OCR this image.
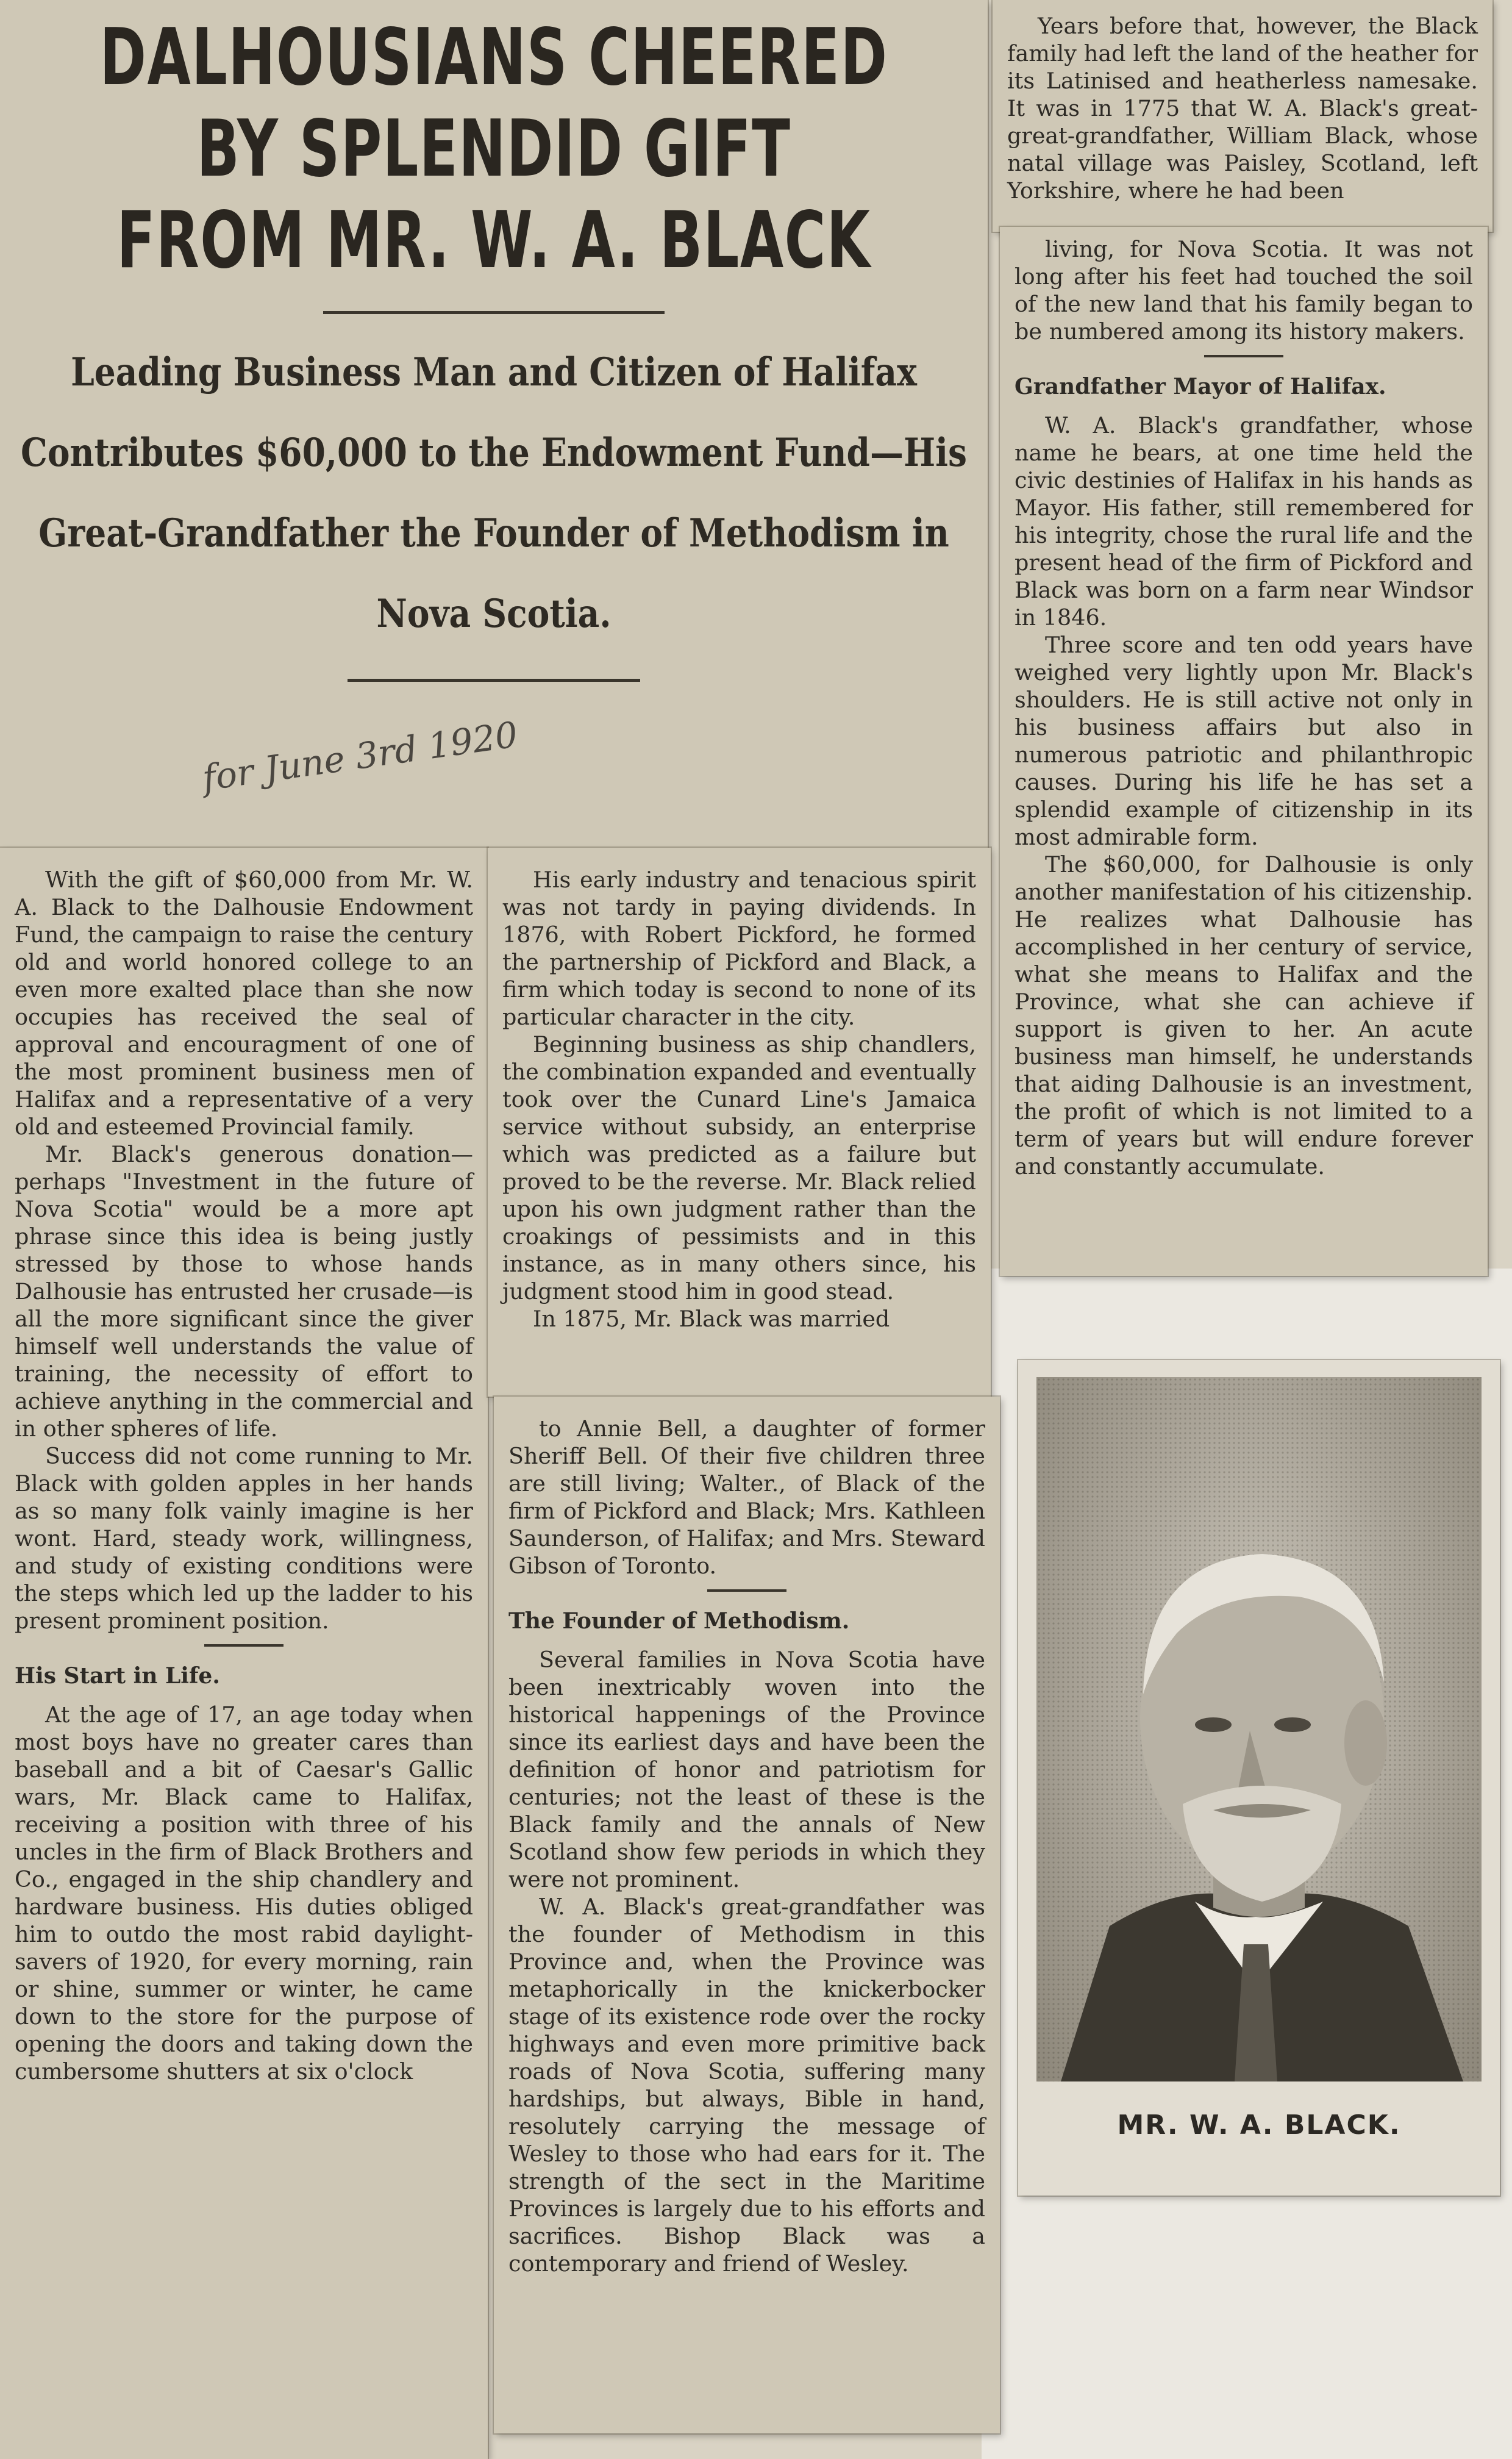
DALHOUSIANS CHEERED
BY SPLENDID GIFT
FROM MR. W. A. BLACK
Leading Business Man and Citizen of Halifax Contributes $60,000 to the Endowment Fund—His Great-Grandfather the Founder of Methodism in Nova Scotia.
for June 3rd 1920

With the gift of $60,000 from Mr. W. A. Black to the Dalhousie Endowment Fund, the campaign to raise the century old and world honored college to an even more exalted place than she now occupies has received the seal of approval and encouragment of one of the most prominent business men of Halifax and a representative of a very old and esteemed Provincial family.

Mr. Black's generous donation—perhaps "Investment in the future of Nova Scotia" would be a more apt phrase since this idea is being justly stressed by those to whose hands Dalhousie has entrusted her crusade—is all the more significant since the giver himself well understands the value of training, the necessity of effort to achieve anything in the commercial and in other spheres of life.

Success did not come running to Mr. Black with golden apples in her hands as so many folk vainly imagine is her wont. Hard, steady work, willingness, and study of existing conditions were the steps which led up the ladder to his present prominent position.

His Start in Life.

At the age of 17, an age today when most boys have no greater cares than baseball and a bit of Caesar's Gallic wars, Mr. Black came to Halifax, receiving a position with three of his uncles in the firm of Black Brothers and Co., engaged in the ship chandlery and hardware business. His duties obliged him to outdo the most rabid daylight-savers of 1920, for every morning, rain or shine, summer or winter, he came down to the store for the purpose of opening the doors and taking down the cumbersome shutters at six o'clock

His early industry and tenacious spirit was not tardy in paying dividends. In 1876, with Robert Pickford, he formed the partnership of Pickford and Black, a firm which today is second to none of its particular character in the city.

Beginning business as ship chandlers, the combination expanded and eventually took over the Cunard Line's Jamaica service without subsidy, an enterprise which was predicted as a failure but proved to be the reverse. Mr. Black relied upon his own judgment rather than the croakings of pessimists and in this instance, as in many others since, his judgment stood him in good stead.

In 1875, Mr. Black was married

to Annie Bell, a daughter of former Sheriff Bell. Of their five children three are still living; Walter., of Black of the firm of Pickford and Black; Mrs. Kathleen Saunderson, of Halifax; and Mrs. Steward Gibson of Toronto.

The Founder of Methodism.

Several families in Nova Scotia have been inextricably woven into the historical happenings of the Province since its earliest days and have been the definition of honor and patriotism for centuries; not the least of these is the Black family and the annals of New Scotland show few periods in which they were not prominent.

W. A. Black's great-grandfather was the founder of Methodism in this Province and, when the Province was metaphorically in the knickerbocker stage of its existence rode over the rocky highways and even more primitive back roads of Nova Scotia, suffering many hardships, but always, Bible in hand, resolutely carrying the message of Wesley to those who had ears for it. The strength of the sect in the Maritime Provinces is largely due to his efforts and sacrifices. Bishop Black was a contemporary and friend of Wesley.

Years before that, however, the Black family had left the land of the heather for its Latinised and heatherless namesake. It was in 1775 that W. A. Black's great-great-grandfather, William Black, whose natal village was Paisley, Scotland, left Yorkshire, where he had been

living, for Nova Scotia. It was not long after his feet had touched the soil of the new land that his family began to be numbered among its history makers.

Grandfather Mayor of Halifax.

W. A. Black's grandfather, whose name he bears, at one time held the civic destinies of Halifax in his hands as Mayor. His father, still remembered for his integrity, chose the rural life and the present head of the firm of Pickford and Black was born on a farm near Windsor in 1846.

Three score and ten odd years have weighed very lightly upon Mr. Black's shoulders. He is still active not only in his business affairs but also in numerous patriotic and philanthropic causes. During his life he has set a splendid example of citizenship in its most admirable form.

The $60,000, for Dalhousie is only another manifestation of his citizenship. He realizes what Dalhousie has accomplished in her century of service, what she means to Halifax and the Province, what she can achieve if support is given to her. An acute business man himself, he understands that aiding Dalhousie is an investment, the profit of which is not limited to a term of years but will endure forever and constantly accumulate.

MR. W. A. BLACK.
